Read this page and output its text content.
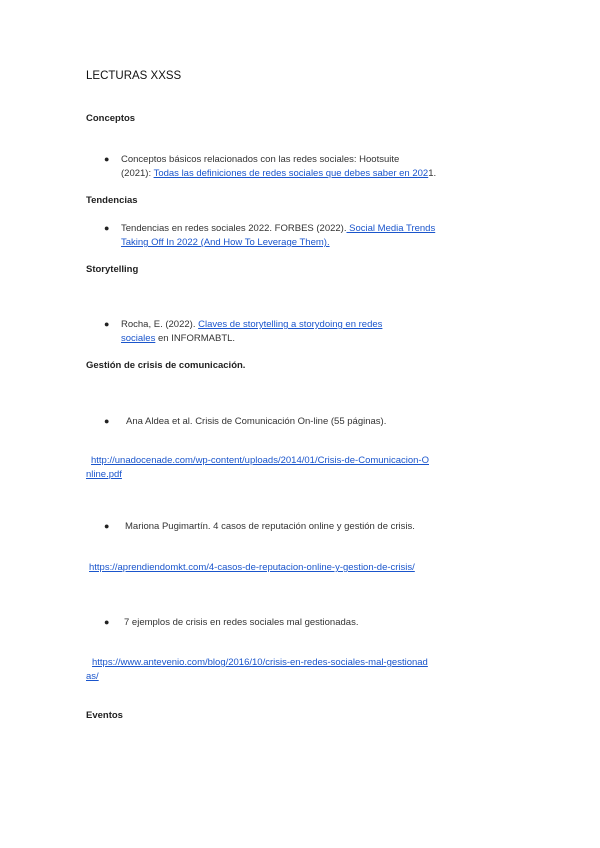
LECTURAS XXSS
Conceptos
● Conceptos básicos relacionados con las redes sociales: Hootsuite
(2021): Todas las definiciones de redes sociales que debes saber en 2021.
Tendencias
● Tendencias en redes sociales 2022. FORBES (2022). Social Media Trends
Taking Off In 2022 (And How To Leverage Them).
Storytelling
● Rocha, E. (2022). Claves de storytelling a storydoing en redes
sociales en INFORMABTL.
Gestión de crisis de comunicación.
● Ana Aldea et al. Crisis de Comunicación On-line (55 páginas).
http://unadocenade.com/wp-content/uploads/2014/01/Crisis-de-Comunicacion-O
nline.pdf
● Mariona Pugimartín. 4 casos de reputación online y gestión de crisis.
https://aprendiendomkt.com/4-casos-de-reputacion-online-y-gestion-de-crisis/
● 7 ejemplos de crisis en redes sociales mal gestionadas.
https://www.antevenio.com/blog/2016/10/crisis-en-redes-sociales-mal-gestionad
as/
Eventos
